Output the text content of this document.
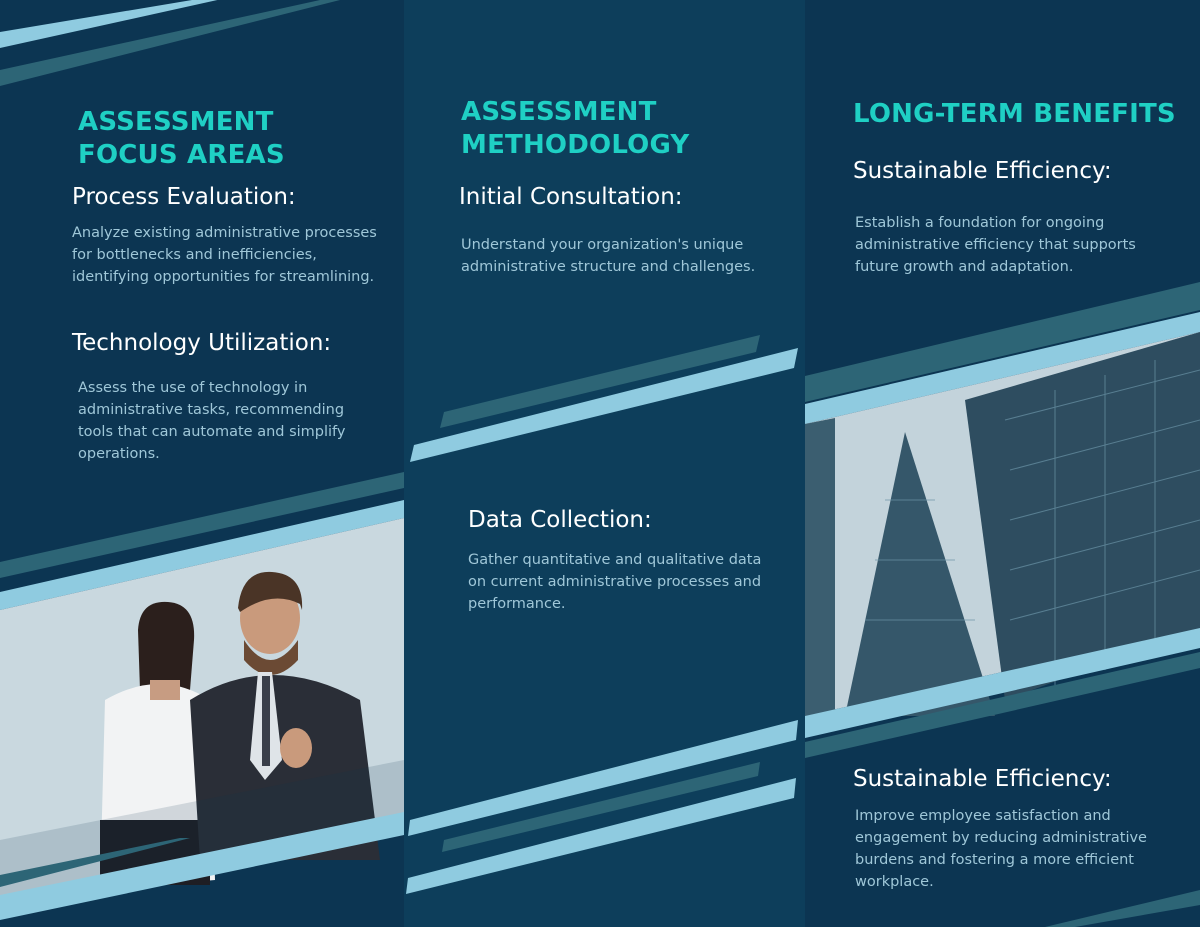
ASSESSMENT FOCUS AREAS
Process Evaluation:

Analyze existing administrative processes for bottlenecks and inefficiencies, identifying opportunities for streamlining.

Technology Utilization:

Assess the use of technology in administrative tasks, recommending tools that can automate and simplify operations.

ASSESSMENT METHODOLOGY
Initial Consultation:

Understand your organization's unique administrative structure and challenges.

Data Collection:

Gather quantitative and qualitative data on current administrative processes and performance.

LONG-TERM BENEFITS
Sustainable Efficiency:

Establish a foundation for ongoing administrative efficiency that supports future growth and adaptation.

Sustainable Efficiency:

Improve employee satisfaction and engagement by reducing administrative burdens and fostering a more efficient workplace.
